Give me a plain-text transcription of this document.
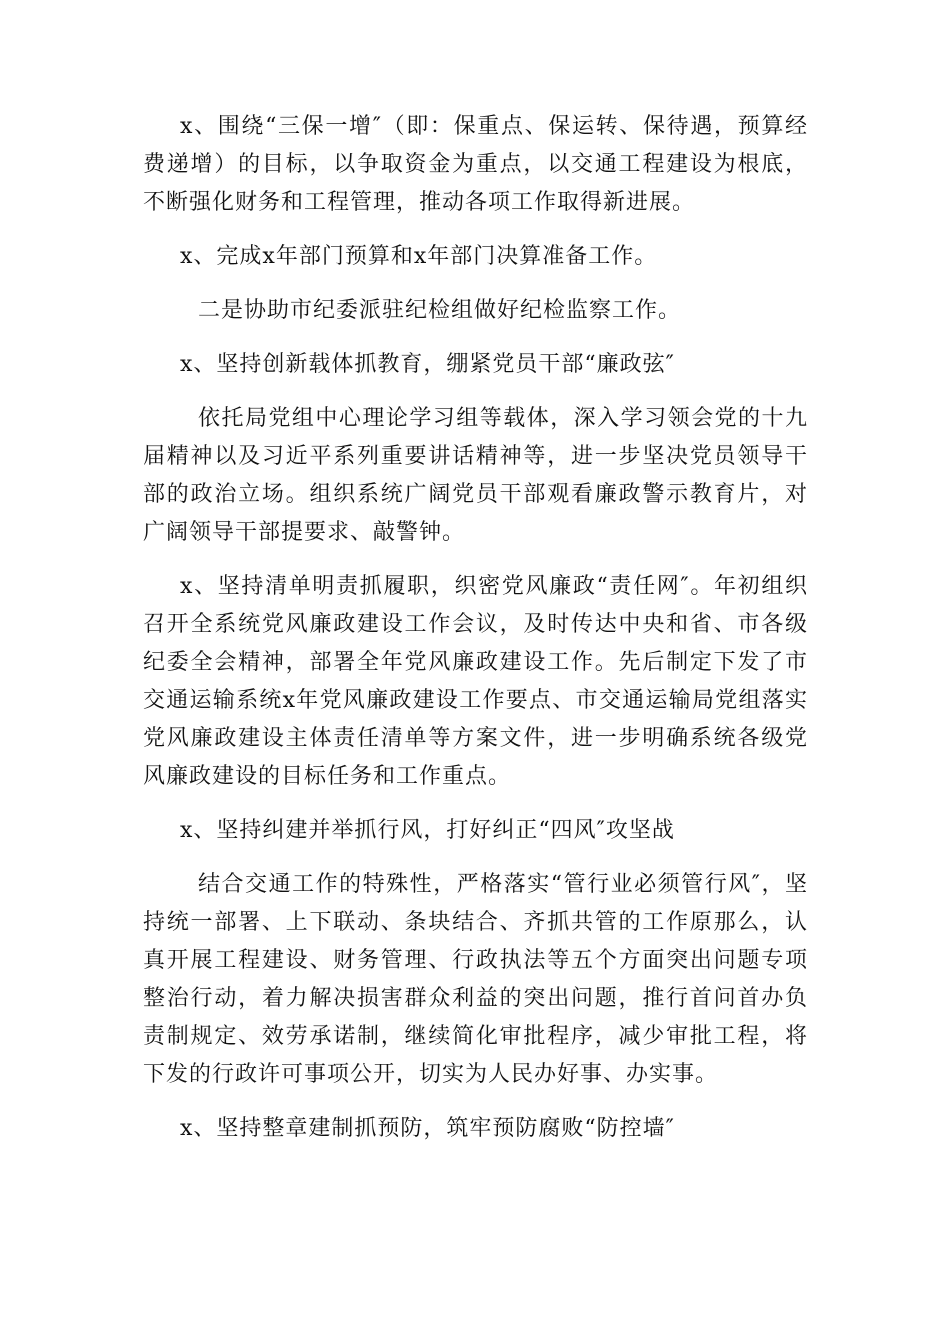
x、围绕“三保一增″（即：保重点、保运转、保待遇，预算经费递增）的目标，以争取资金为重点，以交通工程建设为根底，不断强化财务和工程管理，推动各项工作取得新进展。

x、完成x年部门预算和x年部门决算准备工作。

二是协助市纪委派驻纪检组做好纪检监察工作。

x、坚持创新载体抓教育，绷紧党员干部“廉政弦″

依托局党组中心理论学习组等载体，深入学习领会党的十九届精神以及习近平系列重要讲话精神等，进一步坚决党员领导干部的政治立场。组织系统广阔党员干部观看廉政警示教育片，对广阔领导干部提要求、敲警钟。

x、坚持清单明责抓履职，织密党风廉政“责任网″。年初组织召开全系统党风廉政建设工作会议，及时传达中央和省、市各级纪委全会精神，部署全年党风廉政建设工作。先后制定下发了市交通运输系统x年党风廉政建设工作要点、市交通运输局党组落实党风廉政建设主体责任清单等方案文件，进一步明确系统各级党风廉政建设的目标任务和工作重点。

x、坚持纠建并举抓行风，打好纠正“四风″攻坚战

结合交通工作的特殊性，严格落实“管行业必须管行风″，坚持统一部署、上下联动、条块结合、齐抓共管的工作原那么，认真开展工程建设、财务管理、行政执法等五个方面突出问题专项整治行动，着力解决损害群众利益的突出问题，推行首问首办负责制规定、效劳承诺制，继续简化审批程序，减少审批工程，将下发的行政许可事项公开，切实为人民办好事、办实事。

x、坚持整章建制抓预防，筑牢预防腐败“防控墙″
